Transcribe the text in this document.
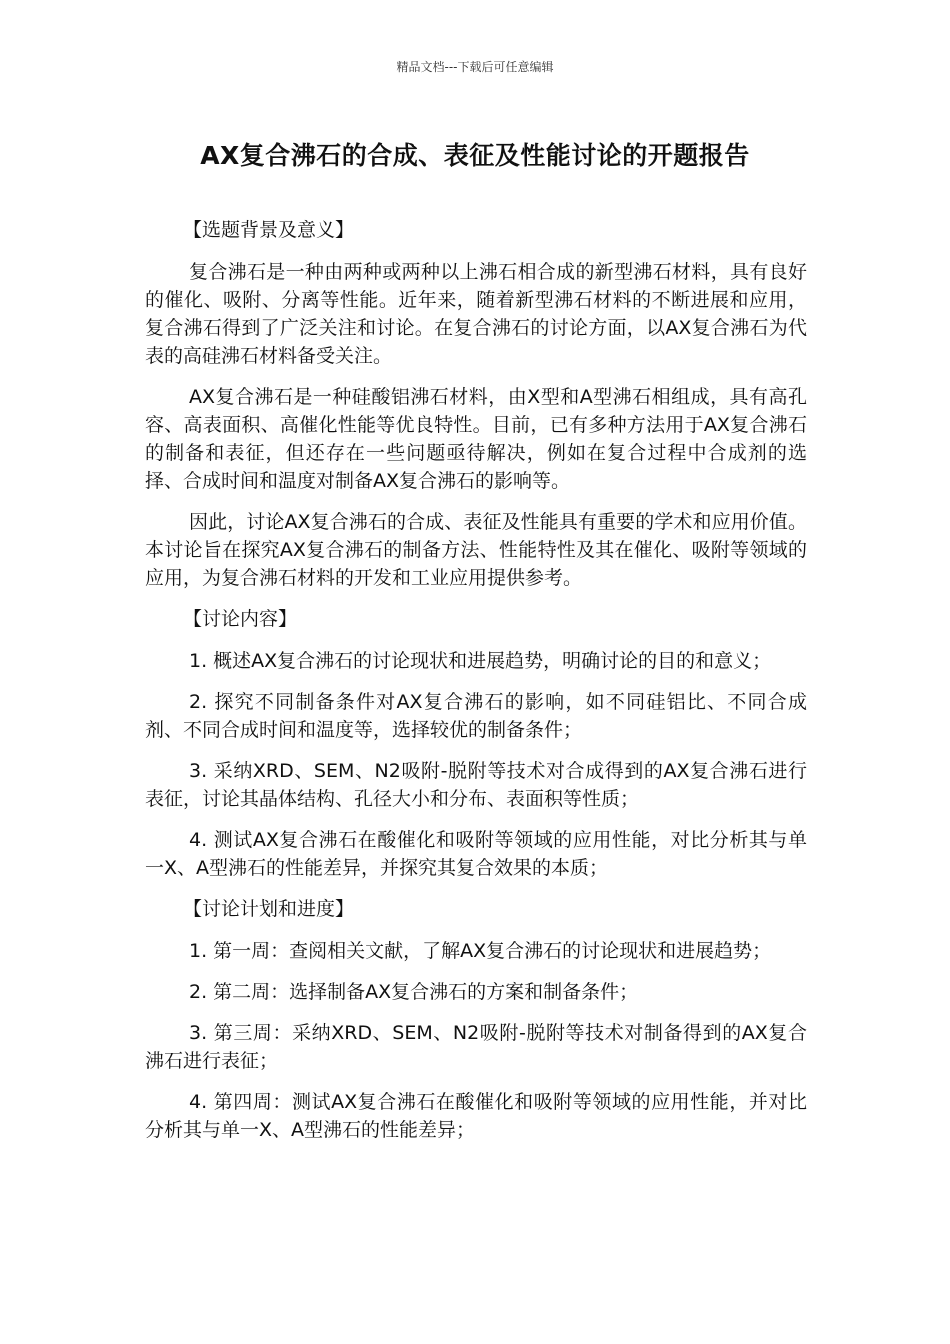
精品文档---下载后可任意编辑
AX复合沸石的合成、表征及性能讨论的开题报告
【选题背景及意义】

复合沸石是一种由两种或两种以上沸石相合成的新型沸石材料，具有良好的催化、吸附、分离等性能。近年来，随着新型沸石材料的不断进展和应用，复合沸石得到了广泛关注和讨论。在复合沸石的讨论方面，以AX复合沸石为代表的高硅沸石材料备受关注。

AX复合沸石是一种硅酸铝沸石材料，由X型和A型沸石相组成，具有高孔容、高表面积、高催化性能等优良特性。目前，已有多种方法用于AX复合沸石的制备和表征，但还存在一些问题亟待解决，例如在复合过程中合成剂的选择、合成时间和温度对制备AX复合沸石的影响等。

因此，讨论AX复合沸石的合成、表征及性能具有重要的学术和应用价值。本讨论旨在探究AX复合沸石的制备方法、性能特性及其在催化、吸附等领域的应用，为复合沸石材料的开发和工业应用提供参考。

【讨论内容】

1. 概述AX复合沸石的讨论现状和进展趋势，明确讨论的目的和意义；

2. 探究不同制备条件对AX复合沸石的影响，如不同硅铝比、不同合成剂、不同合成时间和温度等，选择较优的制备条件；

3. 采纳XRD、SEM、N2吸附-脱附等技术对合成得到的AX复合沸石进行表征，讨论其晶体结构、孔径大小和分布、表面积等性质；

4. 测试AX复合沸石在酸催化和吸附等领域的应用性能，对比分析其与单一X、A型沸石的性能差异，并探究其复合效果的本质；

【讨论计划和进度】

1. 第一周：查阅相关文献，了解AX复合沸石的讨论现状和进展趋势；

2. 第二周：选择制备AX复合沸石的方案和制备条件；

3. 第三周：采纳XRD、SEM、N2吸附-脱附等技术对制备得到的AX复合沸石进行表征；

4. 第四周：测试AX复合沸石在酸催化和吸附等领域的应用性能，并对比分析其与单一X、A型沸石的性能差异；
